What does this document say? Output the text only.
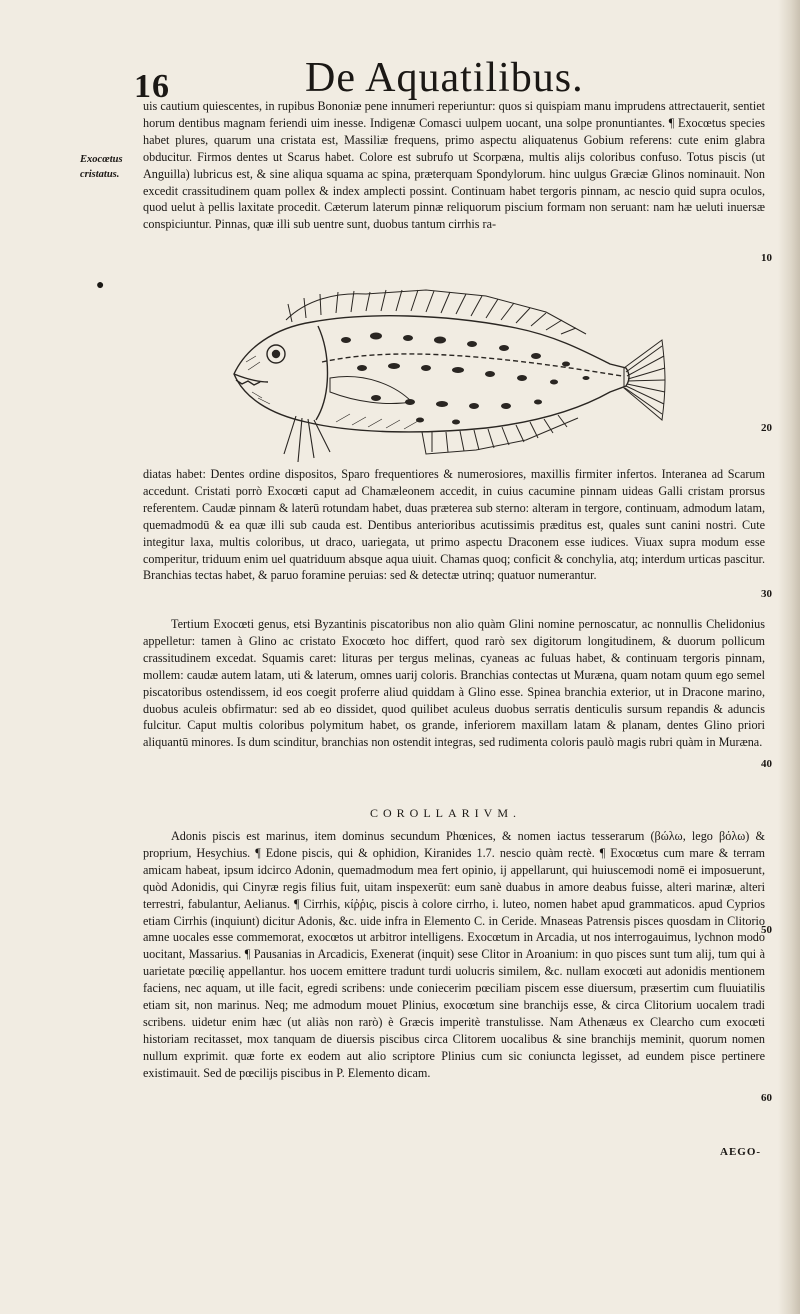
16	De Aquatilibus.
Exocœtus cristatus.
10
20
30
40
50
60
●

uis cautium quiescentes, in rupibus Bononiæ pene innumeri reperiuntur: quos si quispiam manu imprudens attrectauerit, sentiet horum dentibus magnam feriendi uim inesse. Indigenæ Comasci uulpem uocant, una solpe pronuntiantes. ¶ Exocœtus species habet plures, quarum una cristata est, Massiliæ frequens, primo aspectu aliquatenus Gobium referens: cute enim glabra obducitur. Firmos dentes ut Scarus habet. Colore est subrufo ut Scorpæna, multis alijs coloribus confuso. Totus piscis (ut Anguilla) lubricus est, & sine aliqua squama ac spina, præterquam Spondylorum. hinc uulgus Græciæ Glinos nominauit. Non excedit crassitudinem quam pollex & index amplecti possint. Continuam habet tergoris pinnam, ac nescio quid supra oculos, quod uelut à pellis laxitate procedit. Cæterum laterum pinnæ reliquorum piscium formam non seruant: nam hæ ueluti inuersæ conspiciuntur. Pinnas, quæ illi sub uentre sunt, duobus tantum cirrhis ra-

diatas habet: Dentes ordine dispositos, Sparo frequentiores & numerosiores, maxillis firmiter infertos. Interanea ad Scarum accedunt. Cristati porrò Exocœti caput ad Chamæleonem accedit, in cuius cacumine pinnam uideas Galli cristam prorsus referentem. Caudæ pinnam & laterū rotundam habet, duas præterea sub sterno: alteram in tergore, continuam, admodum latam, quemadmodū & ea quæ illi sub cauda est. Dentibus anterioribus acutissimis præditus est, quales sunt canini nostri. Cute integitur laxa, multis coloribus, ut draco, uariegata, ut primo aspectu Draconem esse iudices. Viuax supra modum esse comperitur, triduum enim uel quatriduum absque aqua uiuit. Chamas quoq; conficit & conchylia, atq; interdum urticas pascitur. Branchias tectas habet, & paruo foramine peruias: sed & detectæ utrinq; quatuor numerantur.

Tertium Exocœti genus, etsi Byzantinis piscatoribus non alio quàm Glini nomine pernoscatur, ac nonnullis Chelidonius appelletur: tamen à Glino ac cristato Exocœto hoc differt, quod rarò sex digitorum longitudinem, & duorum pollicum crassitudinem excedat. Squamis caret: lituras per tergus melinas, cyaneas ac fuluas habet, & continuam tergoris pinnam, mollem: caudæ autem latam, uti & laterum, omnes uarij coloris. Branchias contectas ut Muræna, quam notam quum ego semel piscatoribus ostendissem, id eos coegit proferre aliud quiddam à Glino esse. Spinea branchia exterior, ut in Dracone marino, duobus aculeis obfirmatur: sed ab eo dissidet, quod quilibet aculeus duobus serratis denticulis sursum repandis & aduncis fulcitur. Caput multis coloribus polymitum habet, os grande, inferiorem maxillam latam & planam, dentes Glino priori aliquantū minores. Is dum scinditur, branchias non ostendit integras, sed rudimenta coloris paulò magis rubri quàm in Muræna.

COROLLARIVM.

Adonis piscis est marinus, item dominus secundum Phœnices, & nomen iactus tesserarum (βώλω, lego βόλω) & proprium, Hesychius. ¶ Edone piscis, qui & ophidion, Kiranides 1.7. nescio quàm rectè. ¶ Exocœtus cum mare & terram amicam habeat, ipsum idcirco Adonin, quemadmodum mea fert opinio, ij appellarunt, qui huiuscemodi nomē ei imposuerunt, quòd Adonidis, qui Cinyræ regis filius fuit, uitam inspexerūt: eum sanè duabus in amore deabus fuisse, alteri marinæ, alteri terrestri, fabulantur, Aelianus. ¶ Cirrhis, κίῤῥις, piscis à colore cirrho, i. luteo, nomen habet apud grammaticos. apud Cyprios etiam Cirrhis (inquiunt) dicitur Adonis, &c. uide infra in Elemento C. in Ceride. Mnaseas Patrensis pisces quosdam in Clitorio amne uocales esse commemorat, exocœtos ut arbitror intelligens. Exocœtum in Arcadia, ut nos interrogauimus, lychnon modo uocitant, Massarius. ¶ Pausanias in Arcadicis, Exenerat (inquit) sese Clitor in Aroanium: in quo pisces sunt tum alij, tum qui à uarietate pœcilię appellantur. hos uocem emittere tradunt turdi uolucris similem, &c. nullam exocœti aut adonidis mentionem faciens, nec aquam, ut ille facit, egredi scribens: unde coniecerim pœciliam piscem esse diuersum, præsertim cum fluuiatilis etiam sit, non marinus. Neq; me admodum mouet Plinius, exocœtum sine branchijs esse, & circa Clitorium uocalem tradi scribens. uidetur enim hæc (ut aliàs non rarò) è Græcis imperitè transtulisse. Nam Athenæus ex Clearcho cum exocœti historiam recitasset, mox tanquam de diuersis piscibus circa Clitorem uocalibus & sine branchijs meminit, quorum nomen nullum exprimit. quæ forte ex eodem aut alio scriptore Plinius cum sic coniuncta legisset, ad eundem pisce pertinere existimauit. Sed de pœcilijs piscibus in P. Elemento dicam.

AEGO-
